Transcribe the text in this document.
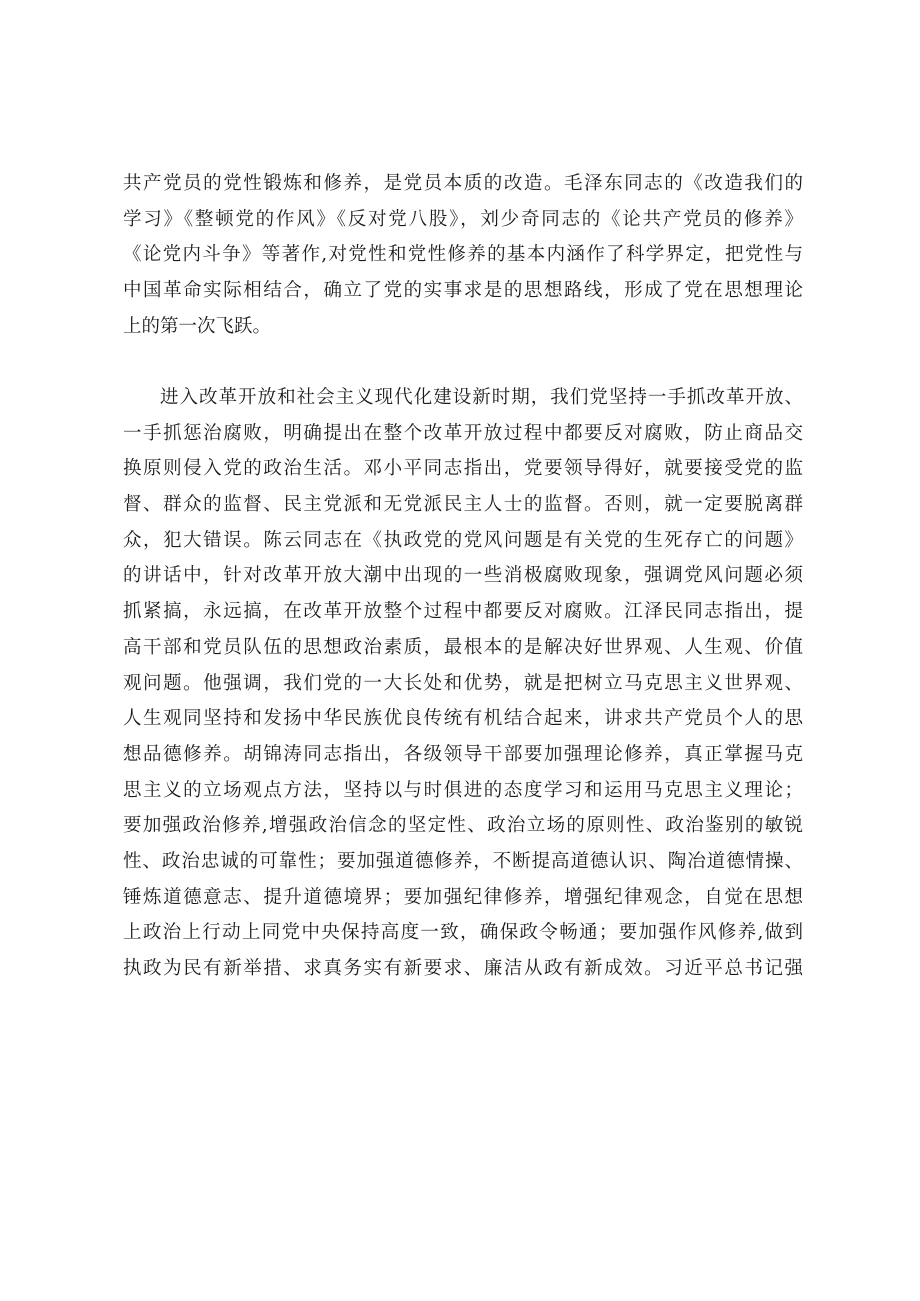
共产党员的党性锻炼和修养，是党员本质的改造。毛泽东同志的《改造我们的
学习》《整顿党的作风》《反对党八股》，刘少奇同志的《论共产党员的修养》
《论党内斗争》等著作,对党性和党性修养的基本内涵作了科学界定，把党性与
中国革命实际相结合，确立了党的实事求是的思想路线，形成了党在思想理论
上的第一次飞跃。
进入改革开放和社会主义现代化建设新时期，我们党坚持一手抓改革开放、
一手抓惩治腐败，明确提出在整个改革开放过程中都要反对腐败，防止商品交
换原则侵入党的政治生活。邓小平同志指出，党要领导得好，就要接受党的监
督、群众的监督、民主党派和无党派民主人士的监督。否则，就一定要脱离群
众，犯大错误。陈云同志在《执政党的党风问题是有关党的生死存亡的问题》
的讲话中，针对改革开放大潮中出现的一些消极腐败现象，强调党风问题必须
抓紧搞，永远搞，在改革开放整个过程中都要反对腐败。江泽民同志指出，提
高干部和党员队伍的思想政治素质，最根本的是解决好世界观、人生观、价值
观问题。他强调，我们党的一大长处和优势，就是把树立马克思主义世界观、
人生观同坚持和发扬中华民族优良传统有机结合起来，讲求共产党员个人的思
想品德修养。胡锦涛同志指出，各级领导干部要加强理论修养，真正掌握马克
思主义的立场观点方法，坚持以与时俱进的态度学习和运用马克思主义理论；
要加强政治修养,增强政治信念的坚定性、政治立场的原则性、政治鉴别的敏锐
性、政治忠诚的可靠性；要加强道德修养，不断提高道德认识、陶冶道德情操、
锤炼道德意志、提升道德境界；要加强纪律修养，增强纪律观念，自觉在思想
上政治上行动上同党中央保持高度一致，确保政令畅通；要加强作风修养,做到
执政为民有新举措、求真务实有新要求、廉洁从政有新成效。习近平总书记强
